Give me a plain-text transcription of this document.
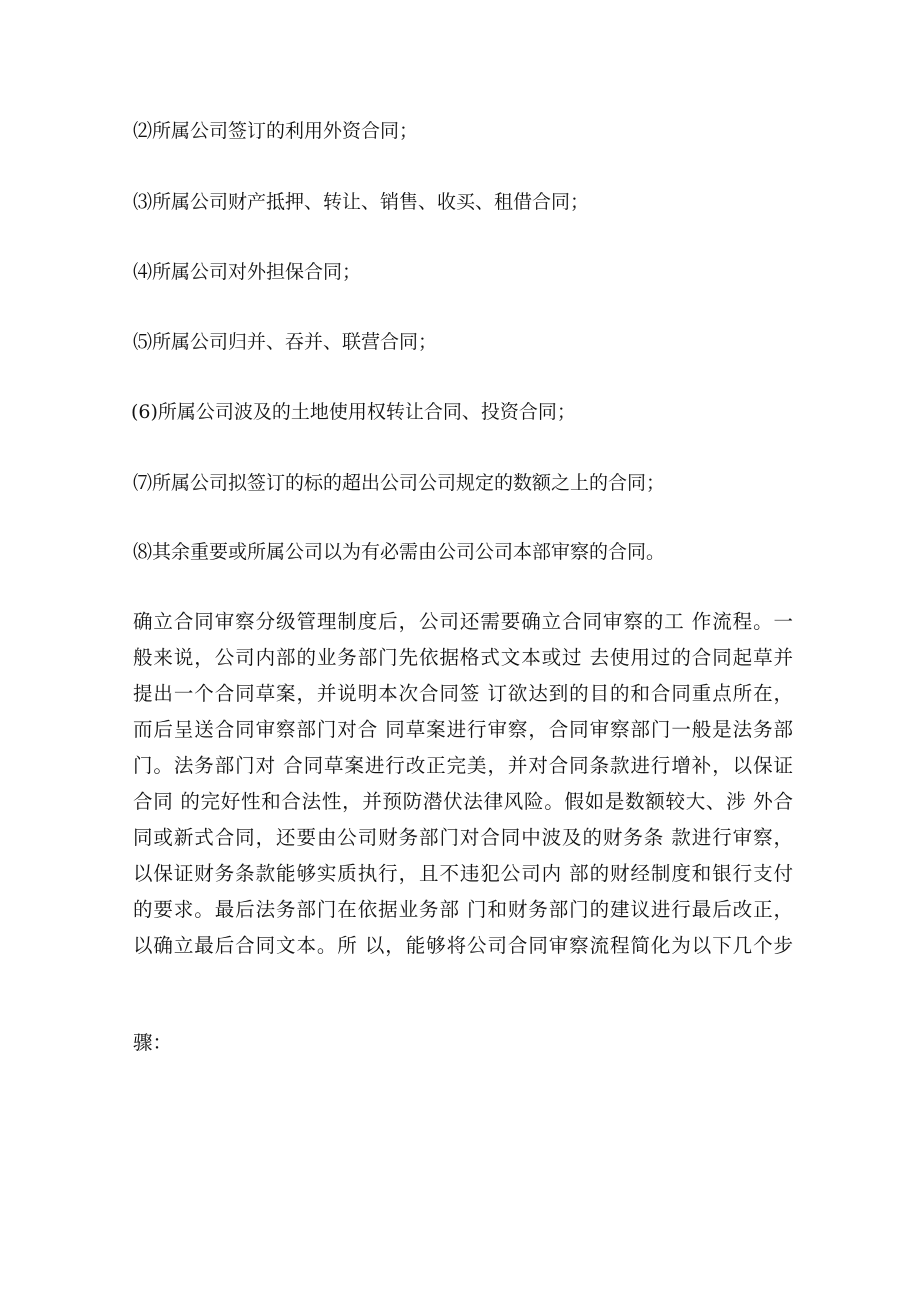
⑵所属公司签订的利用外资合同；
⑶所属公司财产抵押、转让、销售、收买、租借合同；
⑷所属公司对外担保合同；
⑸所属公司归并、吞并、联营合同；
(6)所属公司波及的土地使用权转让合同、投资合同；
⑺所属公司拟签订的标的超出公司公司规定的数额之上的合同；
⑻其余重要或所属公司以为有必需由公司公司本部审察的合同。
确立合同审察分级管理制度后，公司还需要确立合同审察的工 作流程。一
般来说，公司内部的业务部门先依据格式文本或过 去使用过的合同起草并
提出一个合同草案，并说明本次合同签 订欲达到的目的和合同重点所在，
而后呈送合同审察部门对合 同草案进行审察，合同审察部门一般是法务部
门。法务部门对 合同草案进行改正完美，并对合同条款进行增补，以保证
合同 的完好性和合法性，并预防潜伏法律风险。假如是数额较大、涉 外合
同或新式合同，还要由公司财务部门对合同中波及的财务条 款进行审察，
以保证财务条款能够实质执行，且不违犯公司内 部的财经制度和银行支付
的要求。最后法务部门在依据业务部 门和财务部门的建议进行最后改正，
以确立最后合同文本。所 以，能够将公司合同审察流程简化为以下几个步
骤：
